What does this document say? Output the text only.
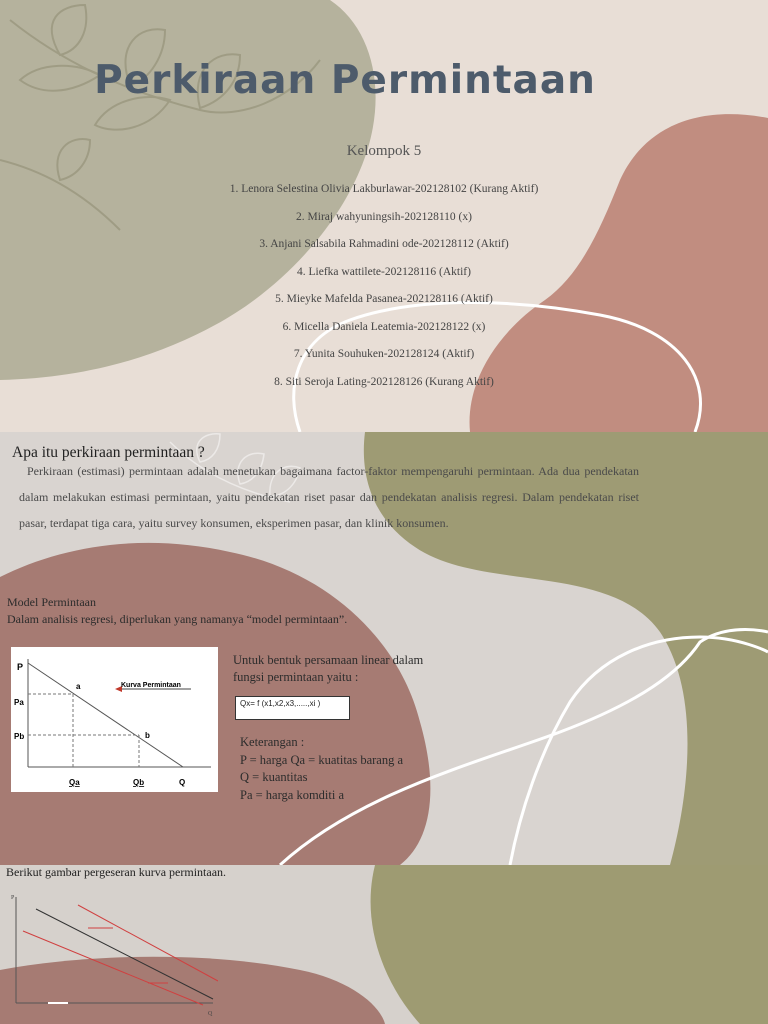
Perkiraan Permintaan
Kelompok 5
1. Lenora Selestina Olivia Lakburlawar-202128102 (Kurang Aktif)
2. Miraj wahyuningsih-202128110 (x)
3. Anjani Salsabila Rahmadini ode-202128112 (Aktif)
4. Liefka wattilete-202128116 (Aktif)
5. Mieyke Mafelda Pasanea-202128116 (Aktif)
6. Micella Daniela Leatemia-202128122 (x)
7. Yunita Souhuken-202128124 (Aktif)
8. Siti Seroja Lating-202128126 (Kurang Aktif)
Apa itu perkiraan permintaan ?
Perkiraan (estimasi) permintaan adalah menetukan bagaimana factor-faktor mempengaruhi permintaan. Ada dua pendekatan dalam melakukan estimasi permintaan, yaitu pendekatan riset pasar dan pendekatan analisis regresi. Dalam pendekatan riset pasar, terdapat tiga cara, yaitu survey konsumen, eksperimen pasar, dan klinik konsumen.
Model Permintaan
Dalam analisis regresi, diperlukan yang namanya “model permintaan”.
P
Pa
Pb
a
b
Kurva Permintaan
Qa	Qb	Q
Untuk bentuk persamaan linear dalam
fungsi permintaan yaitu :
Qx= f (x1,x2,x3,.....,xi )
Keterangan :
P = harga Qa = kuatitas barang a
Q = kuantitas
Pa = harga komditi a
Berikut gambar pergeseran kurva permintaan.
P
Q
